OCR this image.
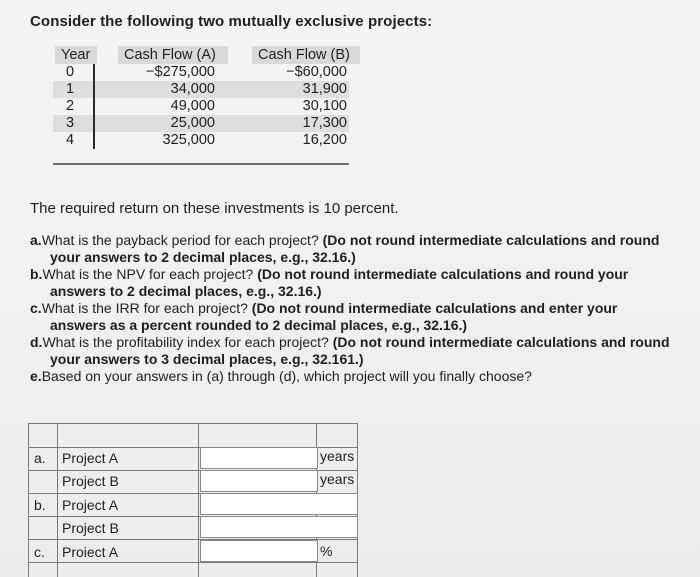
Consider the following two mutually exclusive projects:
Year	Cash Flow (A)	Cash Flow (B)
0	−$275,000	−$60,000
1	34,000	31,900
2	49,000	30,100
3	25,000	17,300
4	325,000	16,200
The required return on these investments is 10 percent.
a.What is the payback period for each project? (Do not round intermediate calculations and round your answers to 2 decimal places, e.g., 32.16.)
b.What is the NPV for each project? (Do not round intermediate calculations and round your answers to 2 decimal places, e.g., 32.16.)
c.What is the IRR for each project? (Do not round intermediate calculations and enter your answers as a percent rounded to 2 decimal places, e.g., 32.16.)
d.What is the profitability index for each project? (Do not round intermediate calculations and round your answers to 3 decimal places, e.g., 32.161.)
e.Based on your answers in (a) through (d), which project will you finally choose?
a. Project A	years
Project B	years
b. Project A
Project B
c. Proiect A	%
